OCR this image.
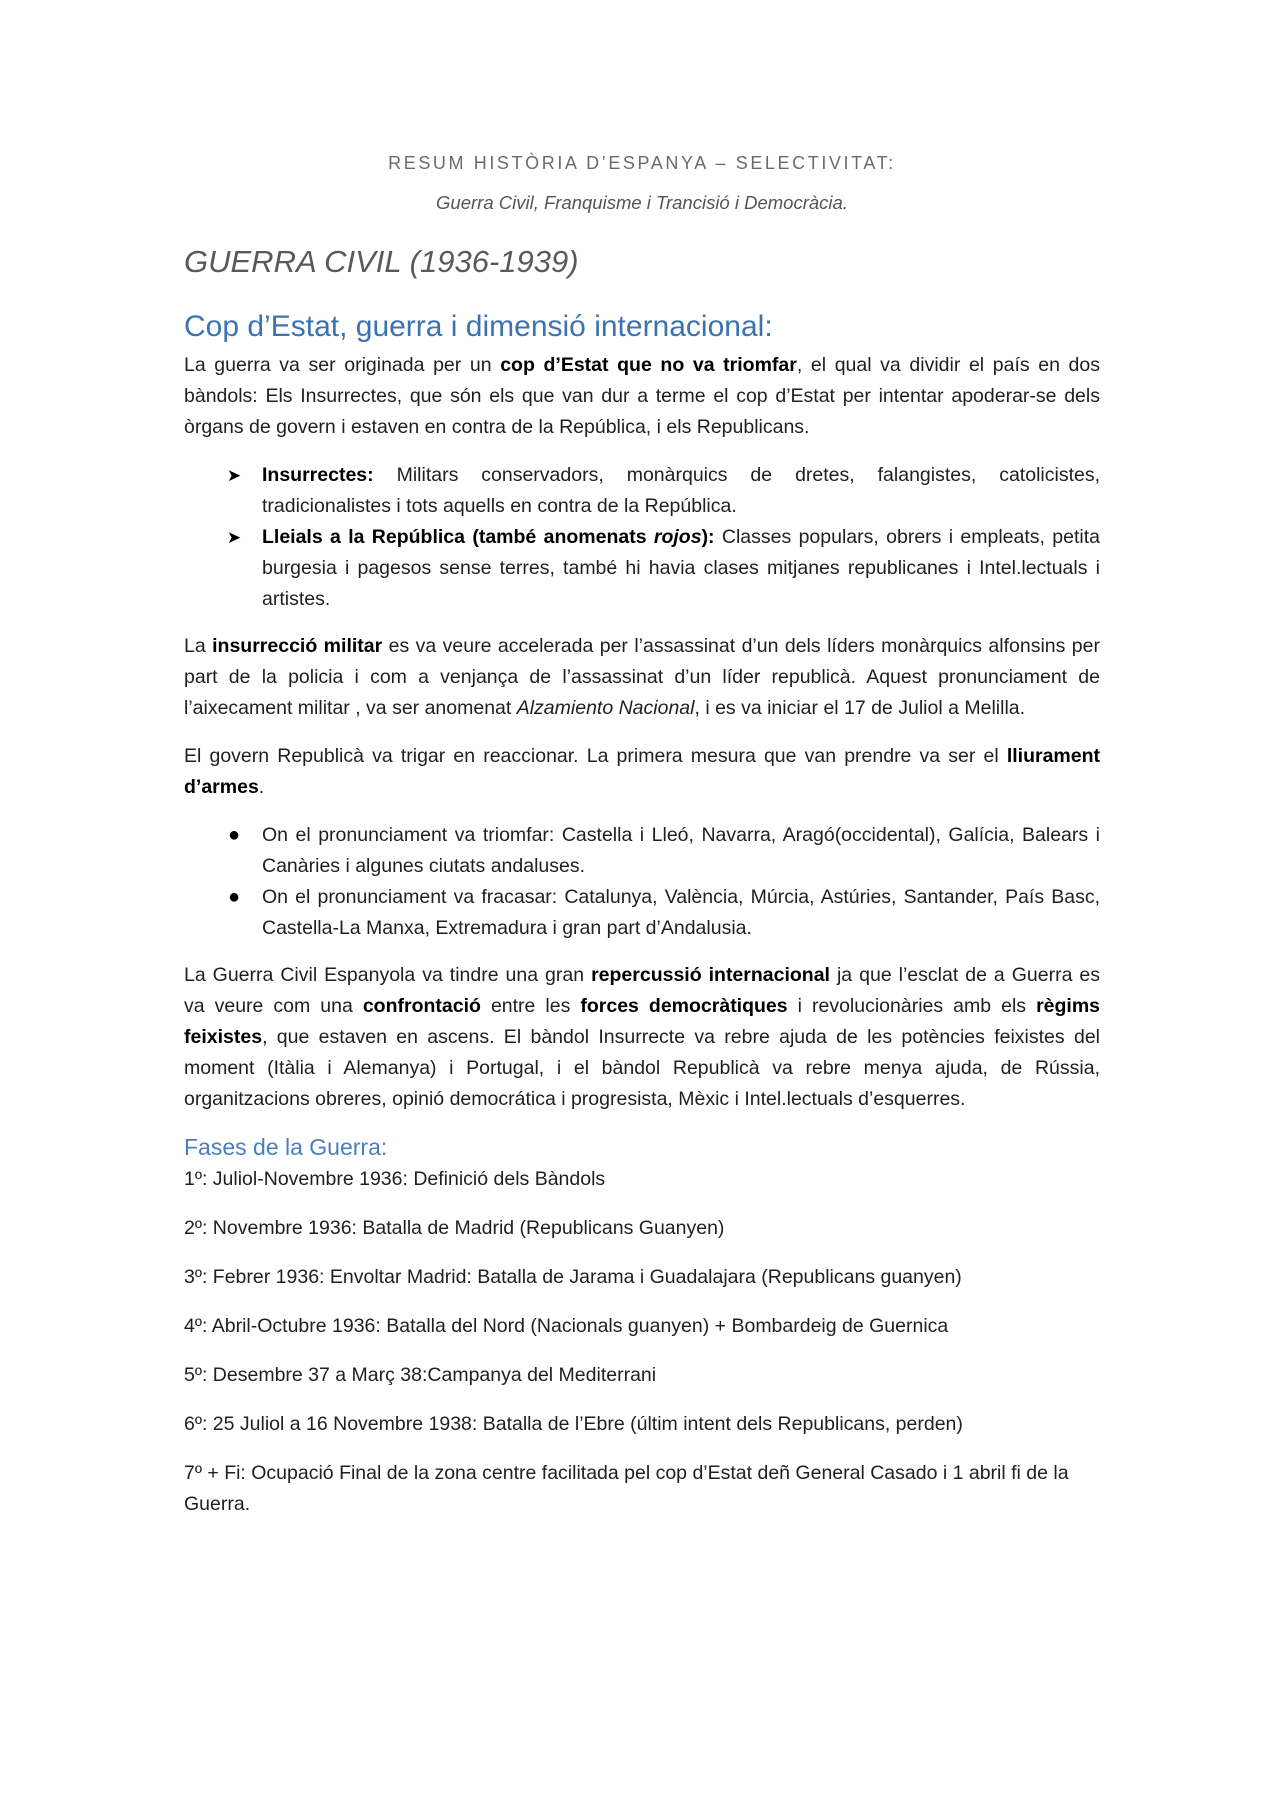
RESUM HISTÒRIA D’ESPANYA – SELECTIVITAT:
Guerra Civil, Franquisme i Trancisió i Democràcia.
GUERRA CIVIL (1936-1939)
Cop d’Estat, guerra i dimensió internacional:

La guerra va ser originada per un cop d’Estat que no va triomfar, el qual va dividir el país en dos bàndols: Els Insurrectes, que són els que van dur a terme el cop d’Estat per intentar apoderar-se dels òrgans de govern i estaven en contra de la República, i els Republicans.

➤ Insurrectes: Militars conservadors, monàrquics de dretes, falangistes, catolicistes, tradicionalistes i tots aquells en contra de la República.
➤ Lleials a la República (també anomenats rojos): Classes populars, obrers i empleats, petita burgesia i pagesos sense terres, també hi havia clases mitjanes republicanes i Intel.lectuals i artistes.

La insurrecció militar es va veure accelerada per l’assassinat d’un dels líders monàrquics alfonsins per part de la policia i com a venjança de l’assassinat d’un líder republicà. Aquest pronunciament de l’aixecament militar , va ser anomenat Alzamiento Nacional, i es va iniciar el 17 de Juliol a Melilla.

El govern Republicà va trigar en reaccionar. La primera mesura que van prendre va ser el lliurament d’armes.

● On el pronunciament va triomfar: Castella i Lleó, Navarra, Aragó(occidental), Galícia, Balears i Canàries i algunes ciutats andaluses.
● On el pronunciament va fracasar: Catalunya, València, Múrcia, Astúries, Santander, País Basc, Castella-La Manxa, Extremadura i gran part d’Andalusia.

La Guerra Civil Espanyola va tindre una gran repercussió internacional ja que l’esclat de a Guerra es va veure com una confrontació entre les forces democràtiques i revolucionàries amb els règims feixistes, que estaven en ascens. El bàndol Insurrecte va rebre ajuda de les potències feixistes del moment (Itàlia i Alemanya) i Portugal, i el bàndol Republicà va rebre menya ajuda, de Rússia, organitzacions obreres, opinió democrática i progresista, Mèxic i Intel.lectuals d’esquerres.

Fases de la Guerra:

1º: Juliol-Novembre 1936: Definició dels Bàndols

2º: Novembre 1936: Batalla de Madrid (Republicans Guanyen)

3º: Febrer 1936: Envoltar Madrid: Batalla de Jarama i Guadalajara (Republicans guanyen)

4º: Abril-Octubre 1936: Batalla del Nord (Nacionals guanyen) + Bombardeig de Guernica

5º: Desembre 37 a Març 38:Campanya del Mediterrani

6º: 25 Juliol a 16 Novembre 1938: Batalla de l’Ebre (últim intent dels Republicans, perden)

7º + Fi: Ocupació Final de la zona centre facilitada pel cop d’Estat deñ General Casado i 1 abril fi de la Guerra.
